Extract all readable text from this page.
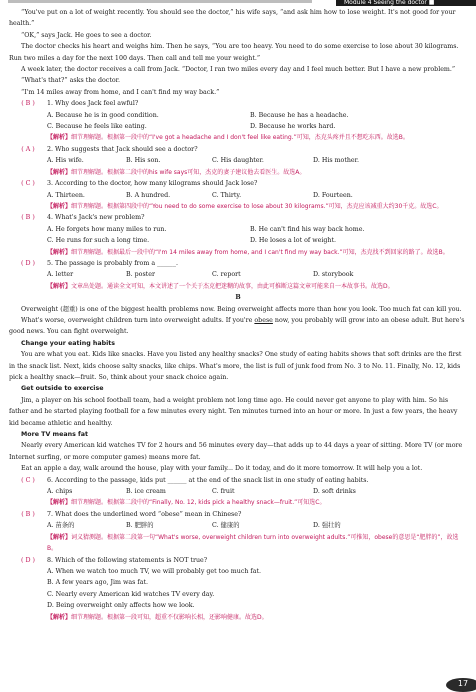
Module 4 Seeing the doctor ■

“You've put on a lot of weight recently. You should see the doctor,” his wife says, “and ask him how to lose weight. It's not good for your health.”

“OK,” says Jack. He goes to see a doctor.

The doctor checks his heart and weighs him. Then he says, “You are too heavy. You need to do some exercise to lose about 30 kilograms. Run two miles a day for the next 100 days. Then call and tell me your weight.”

A week later, the doctor receives a call from Jack. “Doctor, I ran two miles every day and I feel much better. But I have a new problem.”

“What's that?” asks the doctor.

“I'm 14 miles away from home, and I can't find my way back.”

( B )	1. Why does Jack feel awful?
A. Because he is in good condition.	B. Because he has a headache.
C. Because he feels like eating.	D. Because he works hard.

【解析】细节理解题。根据第一段中的“I've got a headache and I don't feel like eating.”可知，杰克头疼并且不想吃东西。故选B。

( A )	2. Who suggests that Jack should see a doctor?
A. His wife.	B. His son.	C. His daughter.	D. His mother.

【解析】细节理解题。根据第二段中的his wife says可知，杰克的妻子建议他去看医生。故选A。

( C )	3. According to the doctor, how many kilograms should Jack lose?
A. Thirteen.	B. A hundred.	C. Thirty.	D. Fourteen.

【解析】细节理解题。根据第四段中的“You need to do some exercise to lose about 30 kilograms.”可知，杰克应该减重大约30千克。故选C。

( B )	4. What's Jack's new problem?
A. He forgets how many miles to run.	B. He can't find his way back home.
C. He runs for such a long time.	D. He loses a lot of weight.

【解析】细节理解题。根据最后一段中的“I'm 14 miles away from home, and I can't find my way back.”可知，杰克找不到回家的路了。故选B。

( D )	5. The passage is probably from a ______.
A. letter	B. poster	C. report	D. storybook

【解析】文章出处题。通读全文可知，本文讲述了一个关于杰克把迷糊的故事，由此可推断这篇文章可能来自一本故事书。故选D。

B

Overweight (超重) is one of the biggest health problems now. Being overweight affects more than how you look. Too much fat can kill you.

What's worse, overweight children turn into overweight adults. If you're obese now, you probably will grow into an obese adult. But here's good news. You can fight overweight.

Change your eating habits

You are what you eat. Kids like snacks. Have you listed any healthy snacks? One study of eating habits shows that soft drinks are the first in the snack list. Next, kids choose salty snacks, like chips. What's more, the list is full of junk food from No. 3 to No. 11. Finally, No. 12, kids pick a healthy snack—fruit. So, think about your snack choice again.

Get outside to exercise

Jim, a player on his school football team, had a weight problem not long time ago. He could never get anyone to play with him. So his father and he started playing football for a few minutes every night. Ten minutes turned into an hour or more. In just a few years, the heavy kid became athletic and healthy.

More TV means fat

Nearly every American kid watches TV for 2 hours and 56 minutes every day—that adds up to 44 days a year of sitting. More TV (or more Internet surfing, or more computer games) means more fat.

Eat an apple a day, walk around the house, play with your family... Do it today, and do it more tomorrow. It will help you a lot.

( C )	6. According to the passage, kids put ______ at the end of the snack list in one study of eating habits.
A. chips	B. ice cream	C. fruit	D. soft drinks

【解析】细节理解题。根据第二段中的“Finally, No. 12, kids pick a healthy snack—fruit.”可知选C。

( B )	7. What does the underlined word “obese” mean in Chinese?
A. 苗条的	B. 肥胖的	C. 健康的	D. 强壮的

【解析】词义猜测题。根据第二段第一句“What's worse, overweight children turn into overweight adults.”可推知，obese的意思是“肥胖的”，故选B。

( D )	8. Which of the following statements is NOT true?

A. When we watch too much TV, we will probably get too much fat.

B. A few years ago, Jim was fat.

C. Nearly every American kid watches TV every day.

D. Being overweight only affects how we look.

【解析】细节理解题。根据第一段可知，超重不仅影响长相，还影响健康。故选D。

17
